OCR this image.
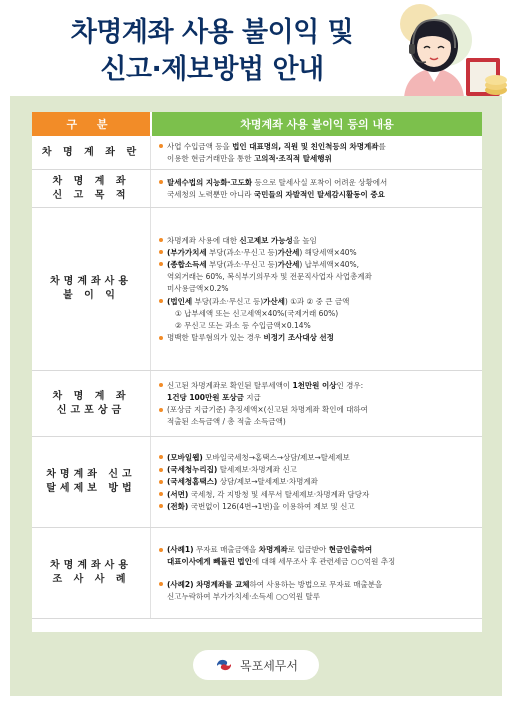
차명계좌 사용 불이익 및
신고·제보방법 안내
구 분	차명계좌 사용 불이익 등의 내용
차 명 계 좌 란
사업 수입금액 등을 법인 대표명의, 직원 및 친인척등의 차명계좌를
이용한 현금거래만을 통한 고의적·조직적 탈세행위
차 명 계 좌
신 고 목 적
탈세수법의 지능화·고도화 등으로 탈세사실 포착이 어려운 상황에서
국세청의 노력뿐만 아니라 국민들의 자발적인 탈세감시활동이 중요
차명계좌사용
불 이 익
차명계좌 사용에 대한 신고제보 가능성을 높임
(부가가치세 부당(과소·무신고 등)가산세) 해당세액×40%
(종합소득세 부당(과소·무신고 등)가산세) 납부세액×40%,
역외거래는 60%, 복식부기의무자 및 전문직사업자 사업총계좌
미사용금액×0.2%
(법인세 부당(과소·무신고 등)가산세) ①과 ② 중 큰 금액
① 납부세액 또는 신고세액×40%(국제거래 60%)
② 무신고 또는 과소 등 수입금액×0.14%
명백한 탈루혐의가 있는 경우 비정기 조사대상 선정
차 명 계 좌
신고포상금
신고된 차명계좌로 확인된 탈루세액이 1천만원 이상인 경우:
1건당 100만원 포상금 지급
(포상금 지급기준) 추징세액×(신고된 차명계좌 확인에 대하여
적출된 소득금액 / 총 적출 소득금액)
차명계좌 신고
탈세제보 방법
(모바일웹) 모바일국세청→홈택스→상담/제보→탈세제보
(국세청누리집) 탈세제보·차명계좌 신고
(국세청홈택스) 상담/제보→탈세제보·차명계좌
(서면) 국세청, 각 지방청 및 세무서 탈세제보·차명계좌 담당자
(전화) 국번없이 126(4번→1번)을 이용하여 제보 및 신고
차명계좌사용
조 사 사 례
(사례1) 무자료 매출금액을 차명계좌로 입금받아 현금인출하여
대표이사에게 빼돌린 법인에 대해 세무조사 후 관련세금 ○○억원 추징
(사례2) 차명계좌를 교체하여 사용하는 방법으로 무자료 매출분을
신고누락하여 부가가치세·소득세 ○○억원 탈루
목포세무서
